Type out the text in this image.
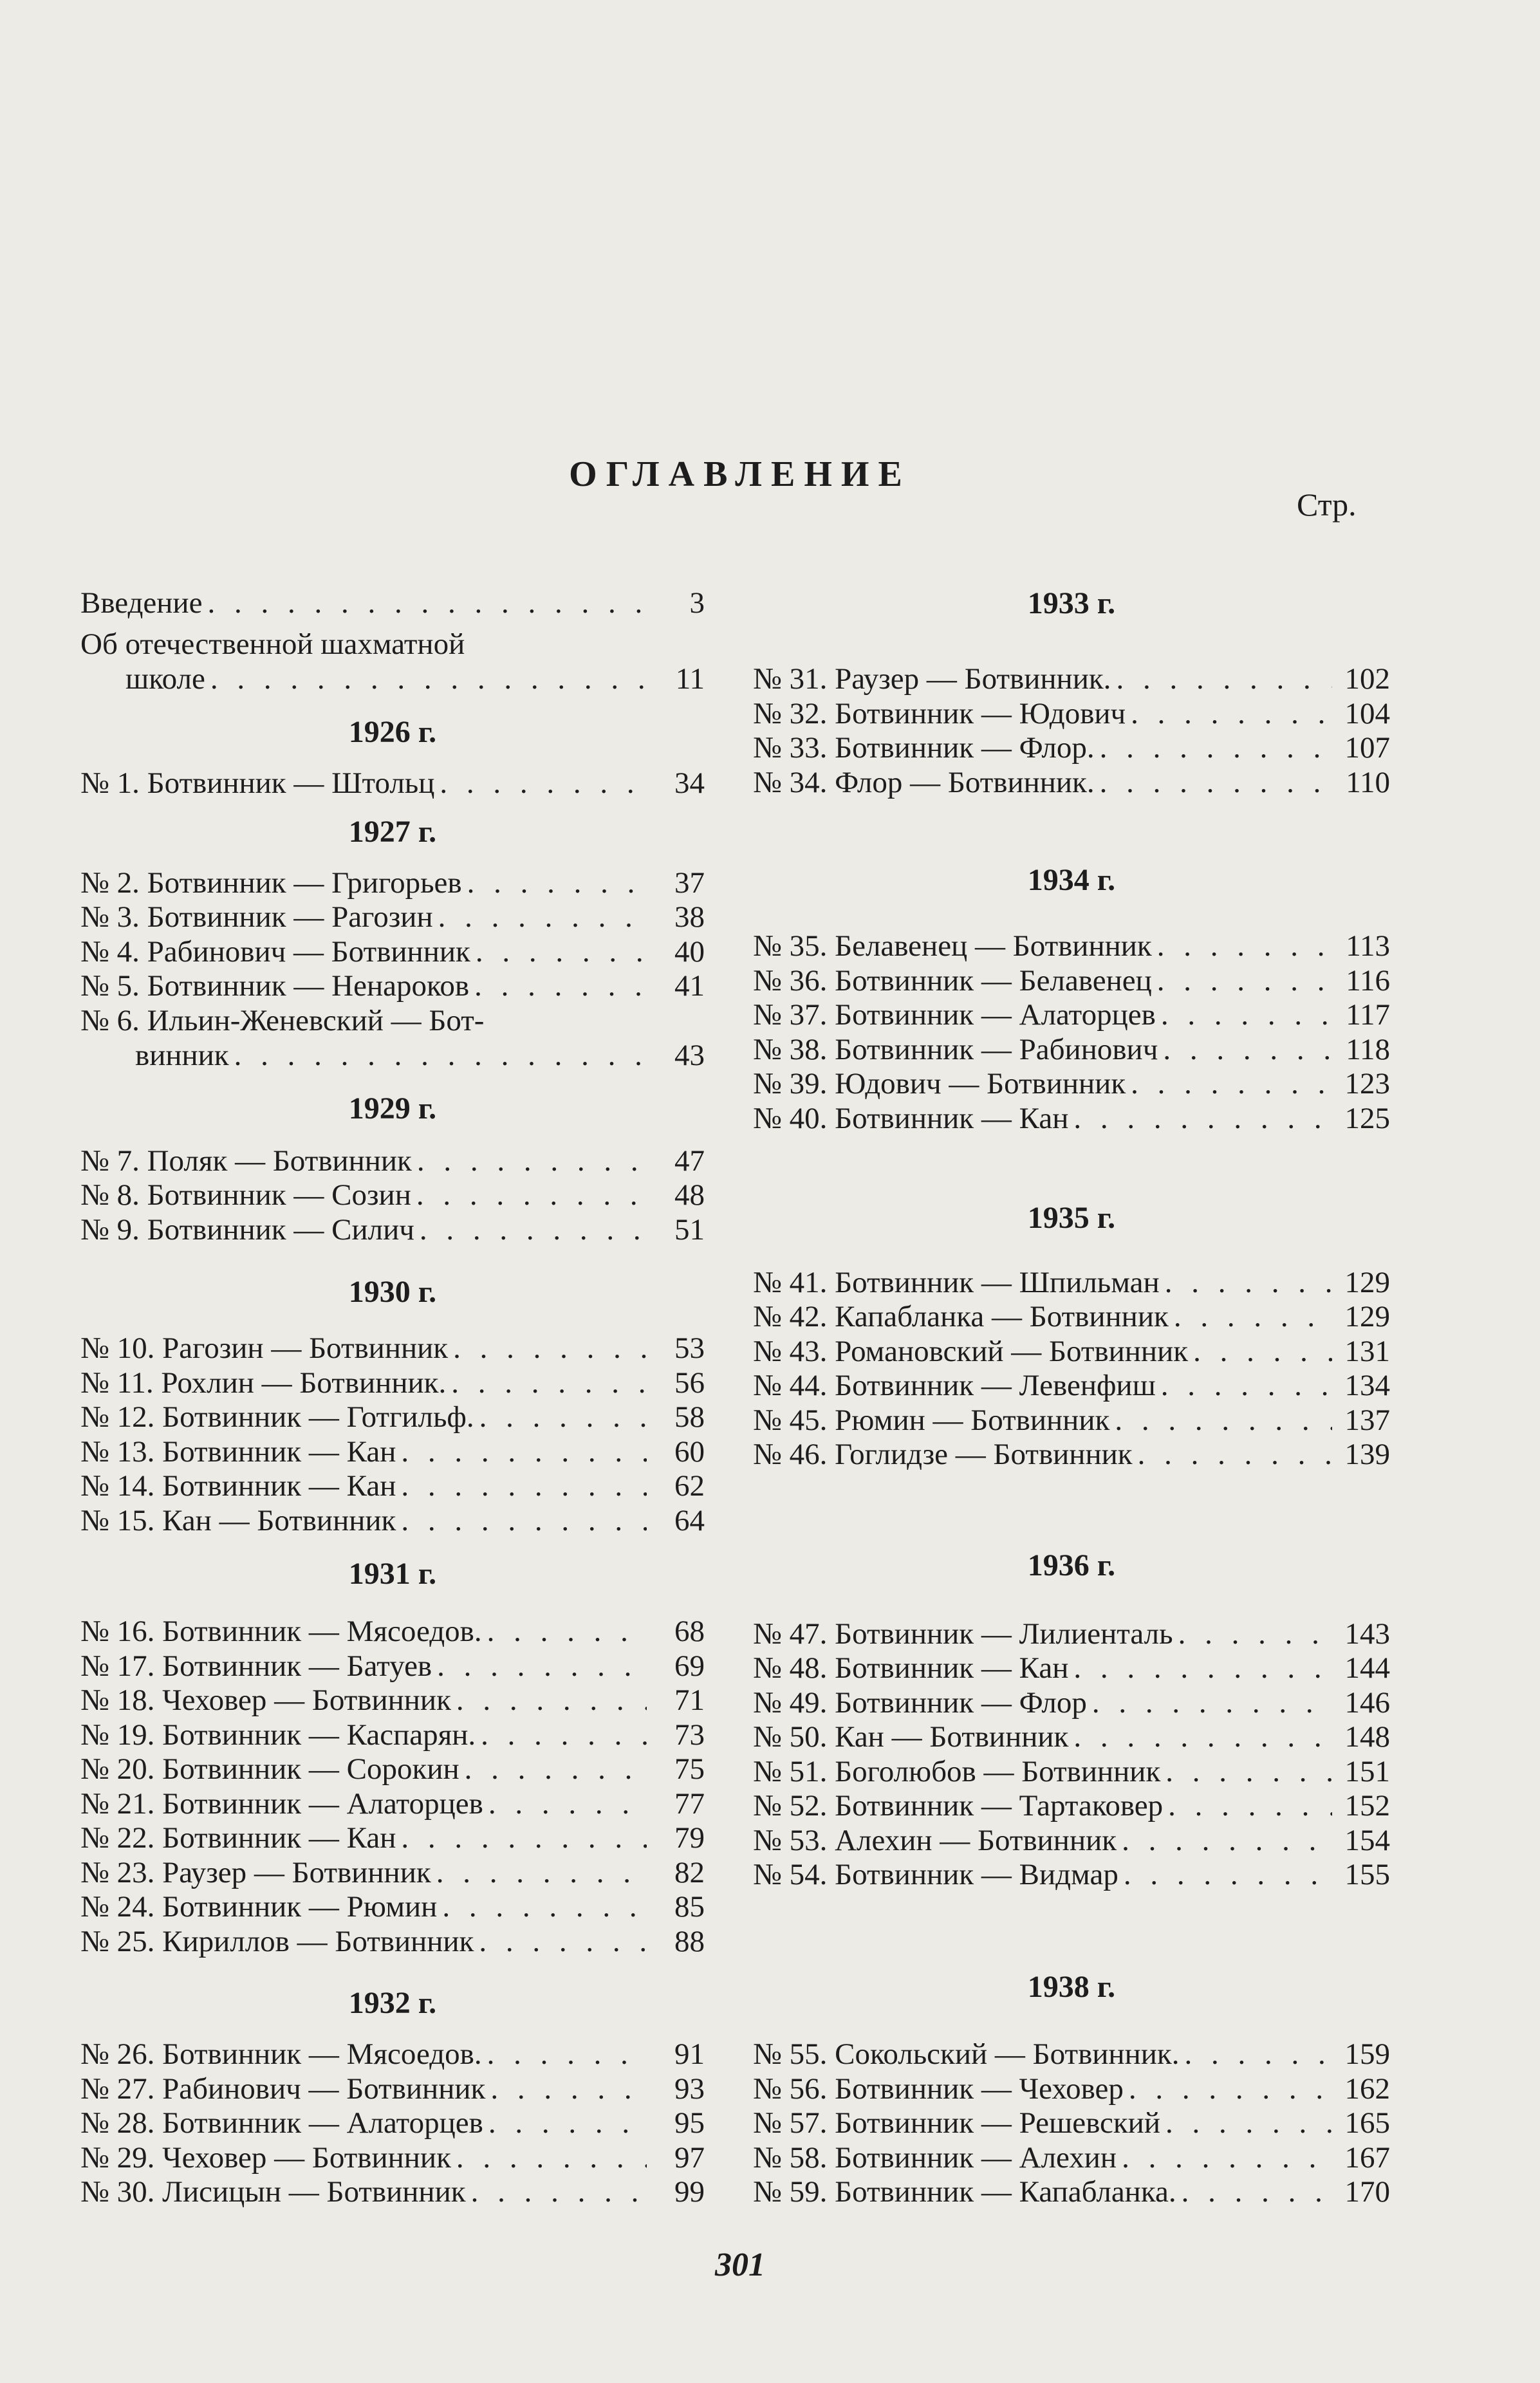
ОГЛАВЛЕНИЕ
Стр.
Введение . . .	3
Об отечественной шахматной
школе . . .	11
1926 г.
№ 1. Ботвинник — Штольц . . .	34
1927 г.
№ 2. Ботвинник — Григорьев . . .	37
№ 3. Ботвинник — Рагозин . . .	38
№ 4. Рабинович — Ботвинник . . .	40
№ 5. Ботвинник — Ненароков . . .	41
1929 г.
№ 7. Поляк — Ботвинник . . .	47
№ 8. Ботвинник — Созин . . .	48
№ 9. Ботвинник — Силич . . .	51
1930 г.
№ 10. Рагозин — Ботвинник . . .	53
№ 11. Рохлин — Ботвинник. . . .	56
№ 12. Ботвинник — Готгильф. . . .	58
№ 13. Ботвинник — Кан . . .	60
№ 14. Ботвинник — Кан . . .	62
№ 15. Кан — Ботвинник . . .	64
1931 г.
№ 16. Ботвинник — Мясоедов. . . .	68
№ 17. Ботвинник — Батуев . . .	69
№ 18. Чеховер — Ботвинник . . .	71
№ 19. Ботвинник — Каспарян. . . .	73
№ 20. Ботвинник — Сорокин . . .	75
№ 21. Ботвинник — Алаторцев . . .	77
№ 22. Ботвинник — Кан . . .	79
№ 23. Раузер — Ботвинник . . .	82
№ 24. Ботвинник — Рюмин . . .	85
№ 25. Кириллов — Ботвинник . . .	88
1932 г.
№ 26. Ботвинник — Мясоедов. . . .	91
№ 27. Рабинович — Ботвинник . . .	93
№ 28. Ботвинник — Алаторцев . . .	95
№ 29. Чеховер — Ботвинник . . .	97
№ 30. Лисицын — Ботвинник . . .	99
№ 6. Ильин-Женевский — Бот-
винник . . .	43
1933 г.
№ 31. Раузер — Ботвинник. . . .	102
№ 32. Ботвинник — Юдович . . .	104
№ 33. Ботвинник — Флор. . . .	107
№ 34. Флор — Ботвинник. . . .	110
1934 г.
№ 35. Белавенец — Ботвинник . . .	113
№ 36. Ботвинник — Белавенец . . .	116
№ 37. Ботвинник — Алаторцев . . .	117
№ 38. Ботвинник — Рабинович . . .	118
№ 39. Юдович — Ботвинник . . .	123
№ 40. Ботвинник — Кан . . .	125
1935 г.
№ 41. Ботвинник — Шпильман . . .	129
№ 42. Капабланка — Ботвинник . . .	129
№ 43. Романовский — Ботвинник . . .	131
№ 44. Ботвинник — Левенфиш . . .	134
№ 45. Рюмин — Ботвинник . . .	137
№ 46. Гоглидзе — Ботвинник . . .	139
1936 г.
№ 47. Ботвинник — Лилиенталь . . .	143
№ 48. Ботвинник — Кан . . .	144
№ 49. Ботвинник — Флор . . .	146
№ 50. Кан — Ботвинник . . .	148
№ 51. Боголюбов — Ботвинник . . .	151
№ 52. Ботвинник — Тартаковер . . .	152
№ 53. Алехин — Ботвинник . . .	154
№ 54. Ботвинник — Видмар . . .	155
1938 г.
№ 55. Сокольский — Ботвинник. . . .	159
№ 56. Ботвинник — Чеховер . . .	162
№ 57. Ботвинник — Решевский . . .	165
№ 58. Ботвинник — Алехин . . .	167
№ 59. Ботвинник — Капабланка. . . .	170
301
